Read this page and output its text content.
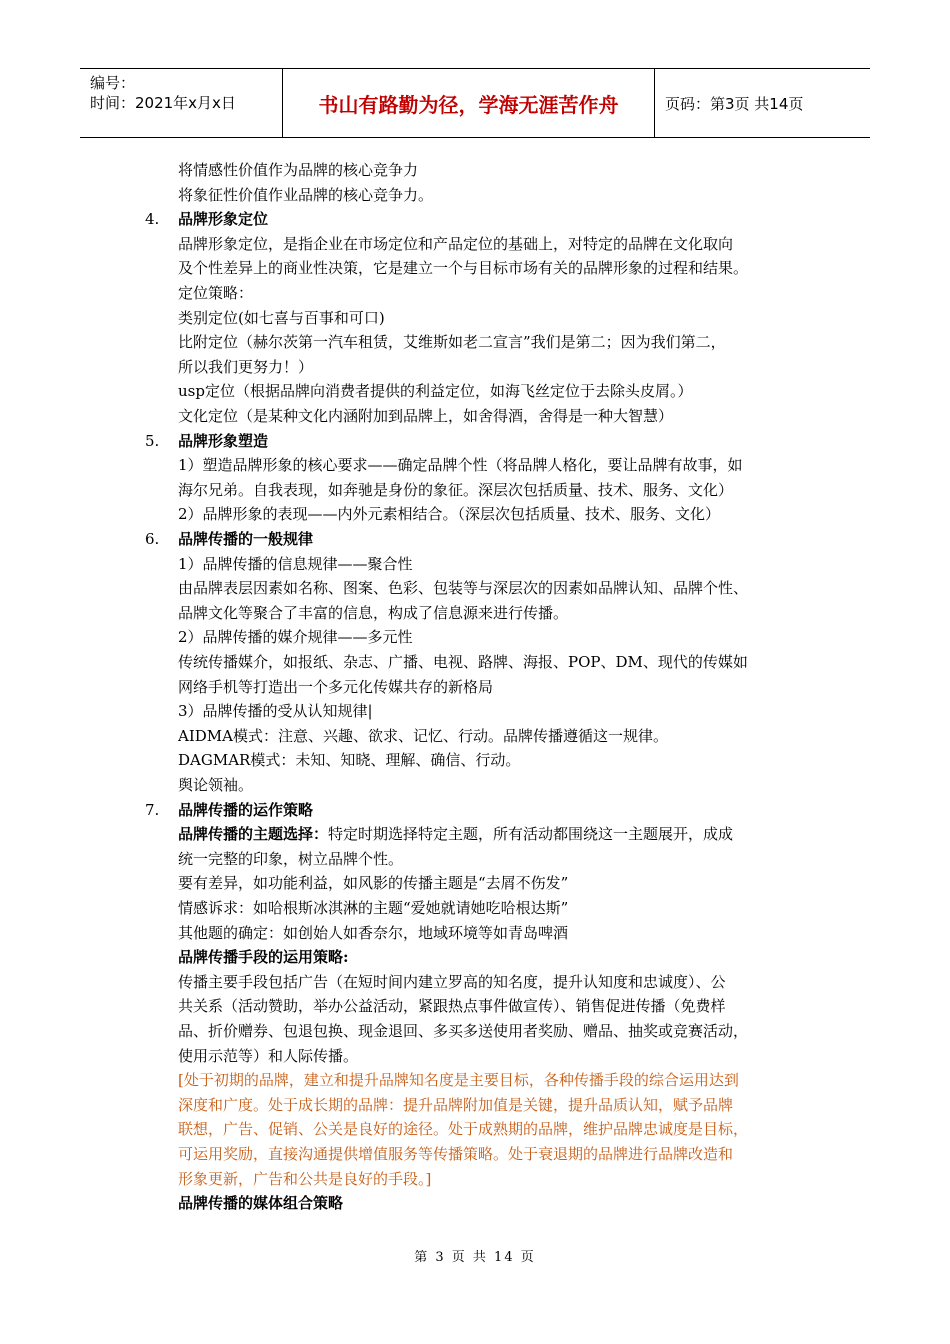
编号：
时间：2021年x月x日	书山有路勤为径，学海无涯苦作舟	页码：第3页 共14页
将情感性价值作为品牌的核心竞争力
将象征性价值作业品牌的核心竞争力。
4. 品牌形象定位
品牌形象定位，是指企业在市场定位和产品定位的基础上，对特定的品牌在文化取向
及个性差异上的商业性决策，它是建立一个与目标市场有关的品牌形象的过程和结果。
定位策略：
类别定位(如七喜与百事和可口)
比附定位（赫尔茨第一汽车租赁，艾维斯如老二宣言”我们是第二；因为我们第二，
所以我们更努力！）
usp定位（根据品牌向消费者提供的利益定位，如海飞丝定位于去除头皮屑。）
文化定位（是某种文化内涵附加到品牌上，如舍得酒，舍得是一种大智慧）
5. 品牌形象塑造
1）塑造品牌形象的核心要求——确定品牌个性（将品牌人格化，要让品牌有故事，如
海尔兄弟。自我表现，如奔驰是身份的象征。深层次包括质量、技术、服务、文化）
2）品牌形象的表现——内外元素相结合。（深层次包括质量、技术、服务、文化）
6. 品牌传播的一般规律
1）品牌传播的信息规律——聚合性
由品牌表层因素如名称、图案、色彩、包装等与深层次的因素如品牌认知、品牌个性、
品牌文化等聚合了丰富的信息，构成了信息源来进行传播。
2）品牌传播的媒介规律——多元性
传统传播媒介，如报纸、杂志、广播、电视、路牌、海报、POP、DM、现代的传媒如
网络手机等打造出一个多元化传媒共存的新格局
3）品牌传播的受从认知规律|
AIDMA模式：注意、兴趣、欲求、记忆、行动。品牌传播遵循这一规律。
DAGMAR模式：未知、知晓、理解、确信、行动。
舆论领袖。
7. 品牌传播的运作策略
品牌传播的主题选择：特定时期选择特定主题，所有活动都围绕这一主题展开，成成
统一完整的印象，树立品牌个性。
要有差异，如功能利益，如风影的传播主题是“去屑不伤发”
情感诉求：如哈根斯冰淇淋的主题“爱她就请她吃哈根达斯”
其他题的确定：如创始人如香奈尔，地域环境等如青岛啤酒
品牌传播手段的运用策略:
传播主要手段包括广告（在短时间内建立罗高的知名度，提升认知度和忠诚度）、公
共关系（活动赞助，举办公益活动，紧跟热点事件做宣传）、销售促进传播（免费样
品、折价赠券、包退包换、现金退回、多买多送使用者奖励、赠品、抽奖或竞赛活动，
使用示范等）和人际传播。
[处于初期的品牌，建立和提升品牌知名度是主要目标，各种传播手段的综合运用达到
深度和广度。处于成长期的品牌：提升品牌附加值是关键，提升品质认知，赋予品牌
联想，广告、促销、公关是良好的途径。处于成熟期的品牌，维护品牌忠诚度是目标，
可运用奖励，直接沟通提供增值服务等传播策略。处于衰退期的品牌进行品牌改造和
形象更新，广告和公共是良好的手段。]
品牌传播的媒体组合策略
第 3 页 共 14 页
